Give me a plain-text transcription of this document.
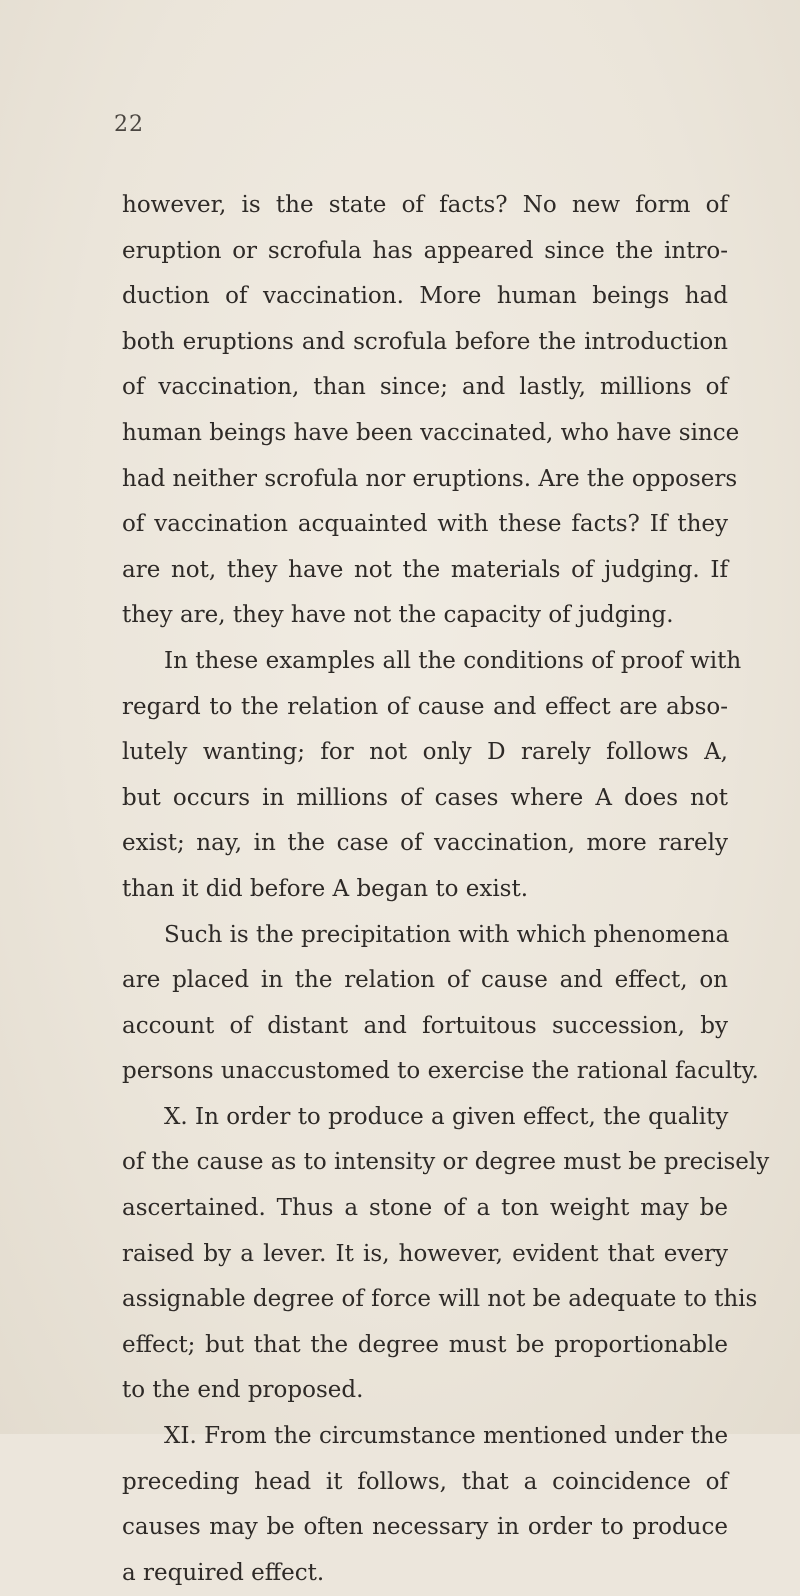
22
however, is the state of facts? No new form of
eruption or scrofula has appeared since the intro-
duction of vaccination. More human beings had
both eruptions and scrofula before the introduction
of vaccination, than since; and lastly, millions of
human beings have been vaccinated, who have since
had neither scrofula nor eruptions. Are the opposers
of vaccination acquainted with these facts? If they
are not, they have not the materials of judging. If
they are, they have not the capacity of judging.
In these examples all the conditions of proof with
regard to the relation of cause and effect are abso-
lutely wanting; for not only D rarely follows A,
but occurs in millions of cases where A does not
exist; nay, in the case of vaccination, more rarely
than it did before A began to exist.
Such is the precipitation with which phenomena
are placed in the relation of cause and effect, on
account of distant and fortuitous succession, by
persons unaccustomed to exercise the rational faculty.
X. In order to produce a given effect, the quality
of the cause as to intensity or degree must be precisely
ascertained. Thus a stone of a ton weight may be
raised by a lever. It is, however, evident that every
assignable degree of force will not be adequate to this
effect; but that the degree must be proportionable
to the end proposed.
XI. From the circumstance mentioned under the
preceding head it follows, that a coincidence of
causes may be often necessary in order to produce
a required effect.
